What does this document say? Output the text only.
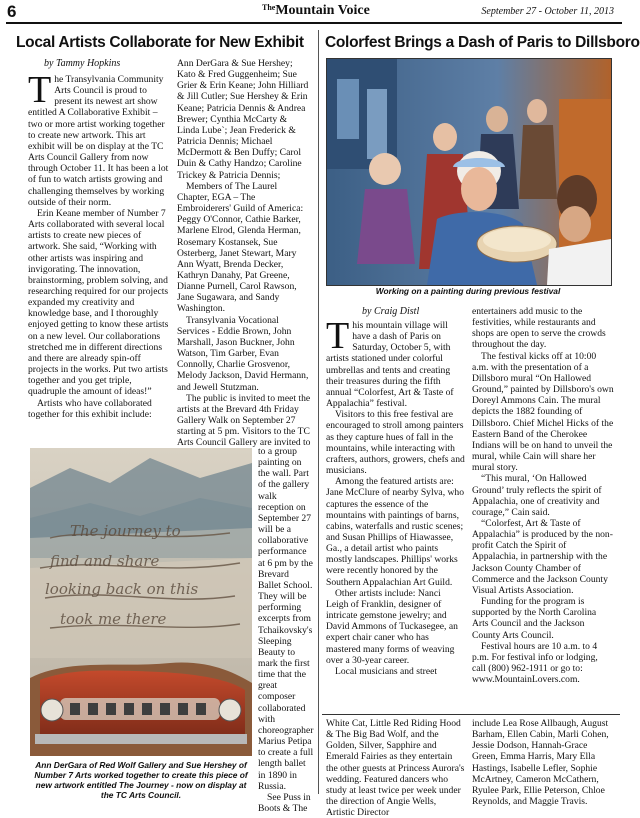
6	$^{The}$Mountain Voice	September 27 - October 11, 2013
Local Artists Collaborate for New Exhibit
by Tammy Hopkins

The Transylvania Community Arts Council is proud to present its newest art show entitled A Collaborative Exhibit – two or more artist working together to create new artwork. This art exhibit will be on display at the TC Arts Council Gallery from now through October 11. It has been a lot of fun to watch artists growing and challenging themselves by working outside of their norm.

Erin Keane member of Number 7 Arts collaborated with several local artists to create new pieces of artwork. She said, “Working with other artists was inspiring and invigorating. The innovation, brainstorming, problem solving, and researching required for our projects expanded my creativity and knowledge base, and I thoroughly enjoyed getting to know these artists on a new level. Our collaborations stretched me in different directions and there are already spin-off projects in the works. Put two artists together and you get triple, quadruple the amount of ideas!”

Artists who have collaborated together for this exhibit include:

Ann DerGara & Sue Hershey; Kato & Fred Guggenheim; Sue Grier & Erin Keane; John Hilliard & Jill Cutler; Sue Hershey & Erin Keane; Patricia Dennis & Andrea Brewer; Cynthia McCarty & Linda Lube`; Jean Frederick & Patricia Dennis; Michael McDermott & Ben Duffy; Carol Duin & Cathy Handzo; Caroline Trickey & Patricia Dennis;

Members of The Laurel Chapter, EGA – The Embroiderers' Guild of America: Peggy O'Connor, Cathie Barker, Marlene Elrod, Glenda Herman, Rosemary Kostansek, Sue Osterberg, Janet Stewart, Mary Ann Wyatt, Brenda Decker, Kathryn Danahy, Pat Greene, Dianne Purnell, Carol Rawson, Jane Sugawara, and Sandy Washington.

Transylvania Vocational Services - Eddie Brown, John Marshall, Jason Buckner, John Watson, Tim Garber, Evan Connolly, Charlie Grosvenor, Melody Jackson, David Hermann, and Jewell Stutzman.

The public is invited to meet the artists at the Brevard 4th Friday Gallery Walk on September 27 starting at 5 pm. Visitors to the TC Arts Council Gallery are invited to

to a group painting on the wall. Part of the gallery walk reception on September 27 will be a collaborative performance at 6 pm by the Brevard Ballet School. They will be performing excerpts from Tchaikovsky's Sleeping Beauty to mark the first time that the great composer collaborated with choreographer Marius Petipa to create a full length ballet in 1890 in Russia.

See Puss in Boots & The

The journey to
find and share
looking back on this
took me there
Ann DerGara of Red Wolf Gallery and Sue Hershey of Number 7 Arts worked together to create this piece of new artwork entitled The Journey - now on display at the TC Arts Council.
Colorfest Brings a Dash of Paris to Dillsboro
Working on a painting during previous festival
by Craig Distl

This mountain village will have a dash of Paris on Saturday, October 5, with artists stationed under colorful umbrellas and tents and creating their treasures during the fifth annual “Colorfest, Art & Taste of Appalachia” festival.

Visitors to this free festival are encouraged to stroll among painters as they capture hues of fall in the mountains, while interacting with crafters, authors, growers, chefs and musicians.

Among the featured artists are: Jane McClure of nearby Sylva, who captures the essence of the mountains with paintings of barns, cabins, waterfalls and rustic scenes; and Susan Phillips of Hiawassee, Ga., a detail artist who paints mostly landscapes. Phillips' works were recently honored by the Southern Appalachian Art Guild.

Other artists include: Nanci Leigh of Franklin, designer of intricate gemstone jewelry; and David Ammons of Tuckasegee, an expert chair caner who has mastered many forms of weaving over a 30-year career.

Local musicians and street

entertainers add music to the festivities, while restaurants and shops are open to serve the crowds throughout the day.

The festival kicks off at 10:00 a.m. with the presentation of a Dillsboro mural “On Hallowed Ground,” painted by Dillsboro's own Doreyl Ammons Cain. The mural depicts the 1882 founding of Dillsboro. Chief Michel Hicks of the Eastern Band of the Cherokee Indians will be on hand to unveil the mural, while Cain will share her mural story.

“This mural, ‘On Hallowed Ground’ truly reflects the spirit of Appalachia, one of creativity and courage,” Cain said.

“Colorfest, Art & Taste of Appalachia” is produced by the non-profit Catch the Spirit of Appalachia, in partnership with the Jackson County Chamber of Commerce and the Jackson County Visual Artists Association.

Funding for the program is supported by the North Carolina Arts Council and the Jackson County Arts Council.

Festival hours are 10 a.m. to 4 p.m. For festival info or lodging, call (800) 962-1911 or go to: www.MountainLovers.com.

White Cat, Little Red Riding Hood & The Big Bad Wolf, and the Golden, Silver, Sapphire and Emerald Fairies as they entertain the other guests at Princess Aurora's wedding. Featured dancers who study at least twice per week under the direction of Angie Wells, Artistic Director

include Lea Rose Allbaugh, August Barham, Ellen Cabin, Marli Cohen, Jessie Dodson, Hannah-Grace Green, Emma Harris, Mary Ella Hastings, Isabelle Lefler, Sophie McArtney, Cameron McCathern, Ryulee Park, Ellie Peterson, Chloe Reynolds, and Maggie Travis.
